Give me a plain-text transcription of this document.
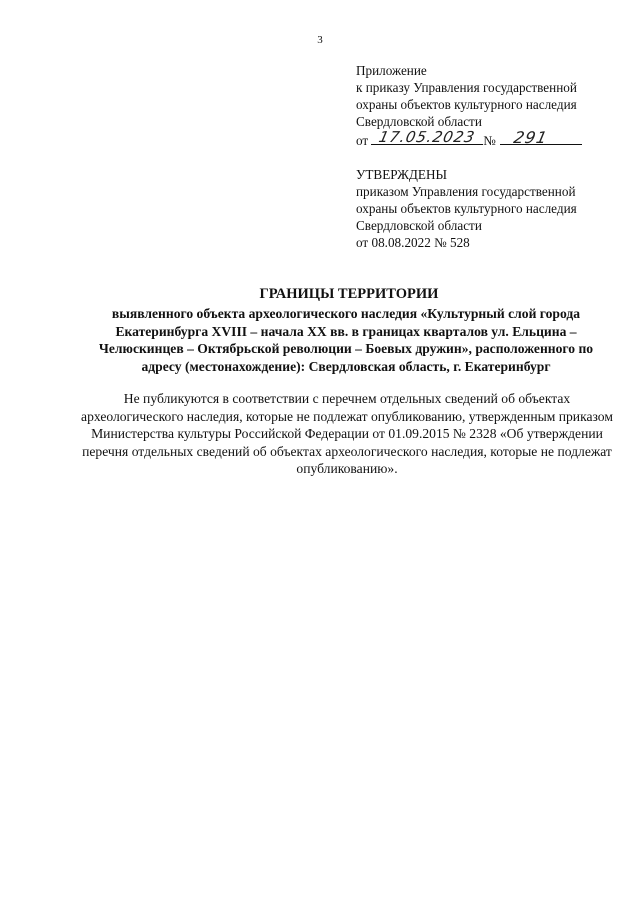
3
Приложение
к приказу Управления государственной
охраны объектов культурного наследия
Свердловской области
от 17.05.2023 № 291
УТВЕРЖДЕНЫ
приказом Управления государственной
охраны объектов культурного наследия
Свердловской области
от 08.08.2022 № 528
ГРАНИЦЫ ТЕРРИТОРИИ
выявленного объекта археологического наследия «Культурный слой города Екатеринбурга XVIII – начала XX вв. в границах кварталов ул. Ельцина – Челюскинцев – Октябрьской революции – Боевых дружин», расположенного по адресу (местонахождение): Свердловская область, г. Екатеринбург
Не публикуются в соответствии с перечнем отдельных сведений об объектах археологического наследия, которые не подлежат опубликованию, утвержденным приказом Министерства культуры Российской Федерации от 01.09.2015 № 2328 «Об утверждении перечня отдельных сведений об объектах археологического наследия, которые не подлежат опубликованию».
